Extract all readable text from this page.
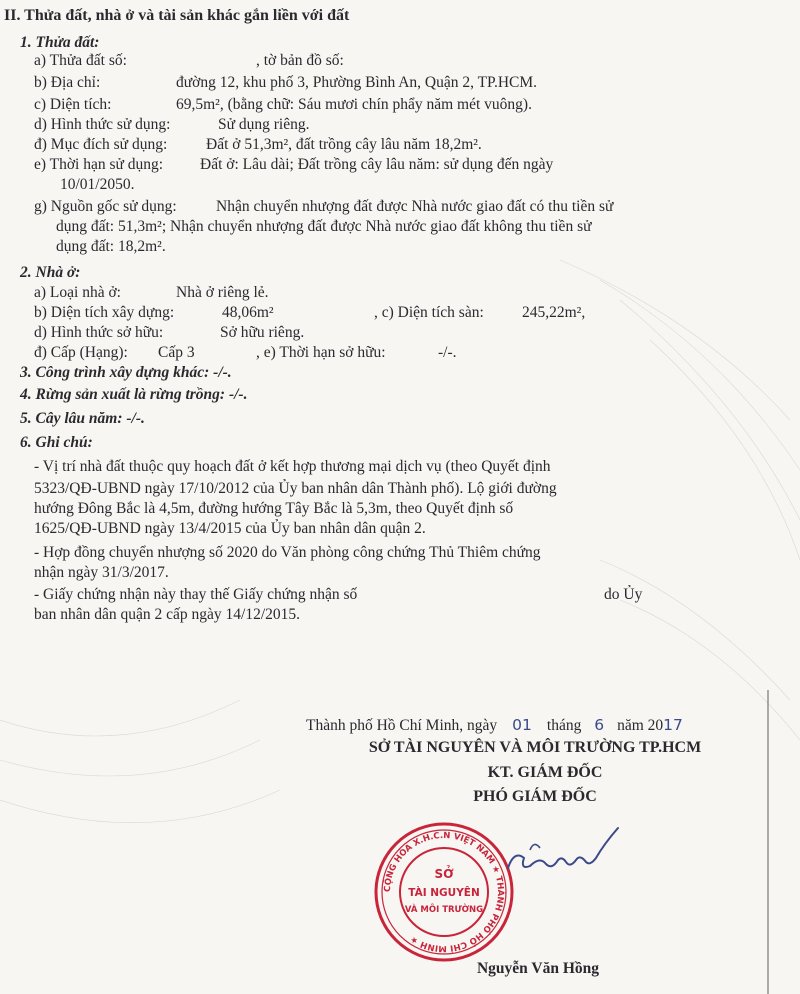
II. Thửa đất, nhà ở và tài sản khác gắn liền với đất
1. Thửa đất:
a) Thửa đất số:	, tờ bản đồ số:
b) Địa chỉ:	đường 12, khu phố 3, Phường Bình An, Quận 2, TP.HCM.
c) Diện tích:	69,5m², (bằng chữ: Sáu mươi chín phẩy năm mét vuông).
d) Hình thức sử dụng:	Sử dụng riêng.
đ) Mục đích sử dụng:	Đất ở 51,3m², đất trồng cây lâu năm 18,2m².
e) Thời hạn sử dụng: Đất ở: Lâu dài; Đất trồng cây lâu năm: sử dụng đến ngày
10/01/2050.
g) Nguồn gốc sử dụng:	Nhận chuyển nhượng đất được Nhà nước giao đất có thu tiền sử
dụng đất: 51,3m²; Nhận chuyển nhượng đất được Nhà nước giao đất không thu tiền sử
dụng đất: 18,2m².
2. Nhà ở:
a) Loại nhà ở:	Nhà ở riêng lẻ.
b) Diện tích xây dựng:	48,06m²	, c) Diện tích sàn: 245,22m²,
d) Hình thức sở hữu:	Sở hữu riêng.
đ) Cấp (Hạng): Cấp 3	, e) Thời hạn sở hữu:	-/-.
3. Công trình xây dựng khác: -/-.
4. Rừng sản xuất là rừng trồng: -/-.
5. Cây lâu năm: -/-.
6. Ghi chú:
- Vị trí nhà đất thuộc quy hoạch đất ở kết hợp thương mại dịch vụ (theo Quyết định
5323/QĐ-UBND ngày 17/10/2012 của Ủy ban nhân dân Thành phố). Lộ giới đường
hướng Đông Bắc là 4,5m, đường hướng Tây Bắc là 5,3m, theo Quyết định số
1625/QĐ-UBND ngày 13/4/2015 của Ủy ban nhân dân quận 2.
- Hợp đồng chuyển nhượng số 2020 do Văn phòng công chứng Thủ Thiêm chứng
nhận ngày 31/3/2017.
- Giấy chứng nhận này thay thế Giấy chứng nhận số	do Ủy
ban nhân dân quận 2 cấp ngày 14/12/2015.
Thành phố Hồ Chí Minh, ngày 01 tháng 6 năm 2017
SỞ TÀI NGUYÊN VÀ MÔI TRƯỜNG TP.HCM
KT. GIÁM ĐỐC
PHÓ GIÁM ĐỐC
CỘNG HÒA X.H.C.N VIỆT NAM ★ THÀNH PHỐ HỒ CHÍ MINH ★
SỞ
TÀI NGUYÊN
VÀ MÔI TRƯỜNG
Nguyễn Văn Hồng
